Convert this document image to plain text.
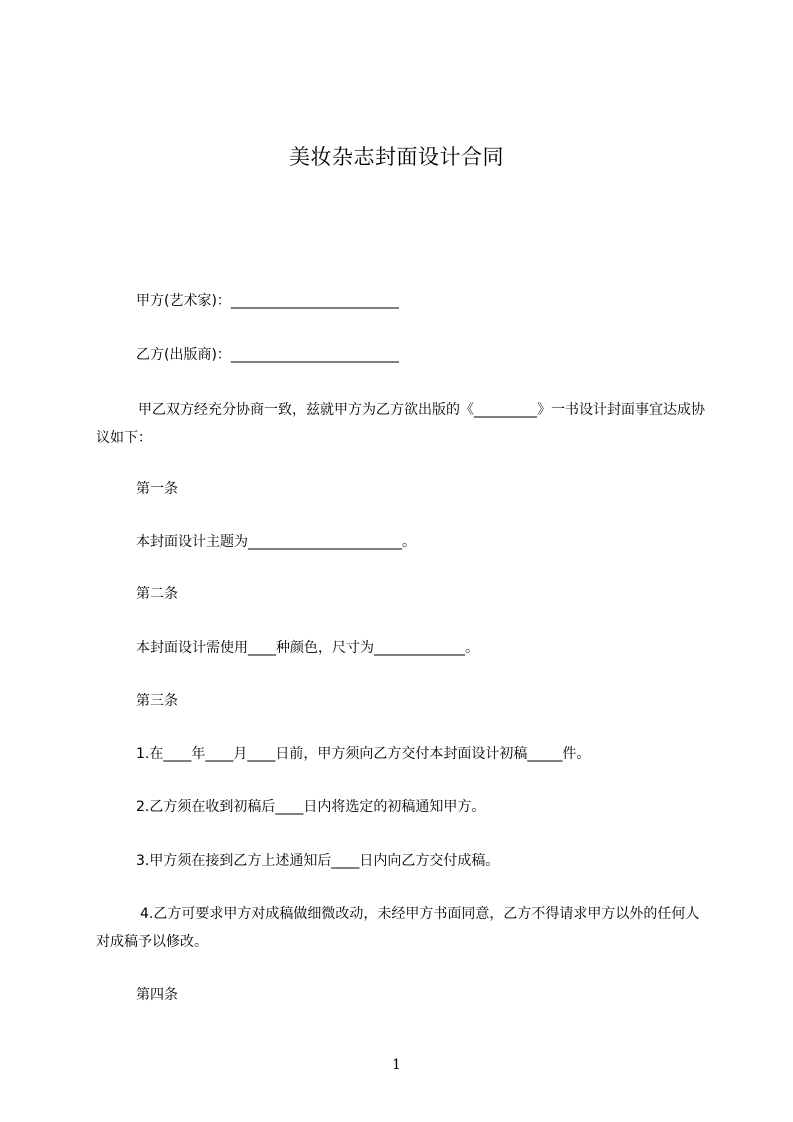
美妆杂志封面设计合同
甲方(艺术家)：________________________
乙方(出版商)：________________________
甲乙双方经充分协商一致，兹就甲方为乙方欲出版的《_________》一书设计封面事宜达成协议如下：
第一条
本封面设计主题为______________________。
第二条
本封面设计需使用____种颜色，尺寸为_____________。
第三条
1.在____年____月____日前，甲方须向乙方交付本封面设计初稿_____件。
2.乙方须在收到初稿后____日内将选定的初稿通知甲方。
3.甲方须在接到乙方上述通知后____日内向乙方交付成稿。
4.乙方可要求甲方对成稿做细微改动，未经甲方书面同意，乙方不得请求甲方以外的任何人对成稿予以修改。
第四条
1
